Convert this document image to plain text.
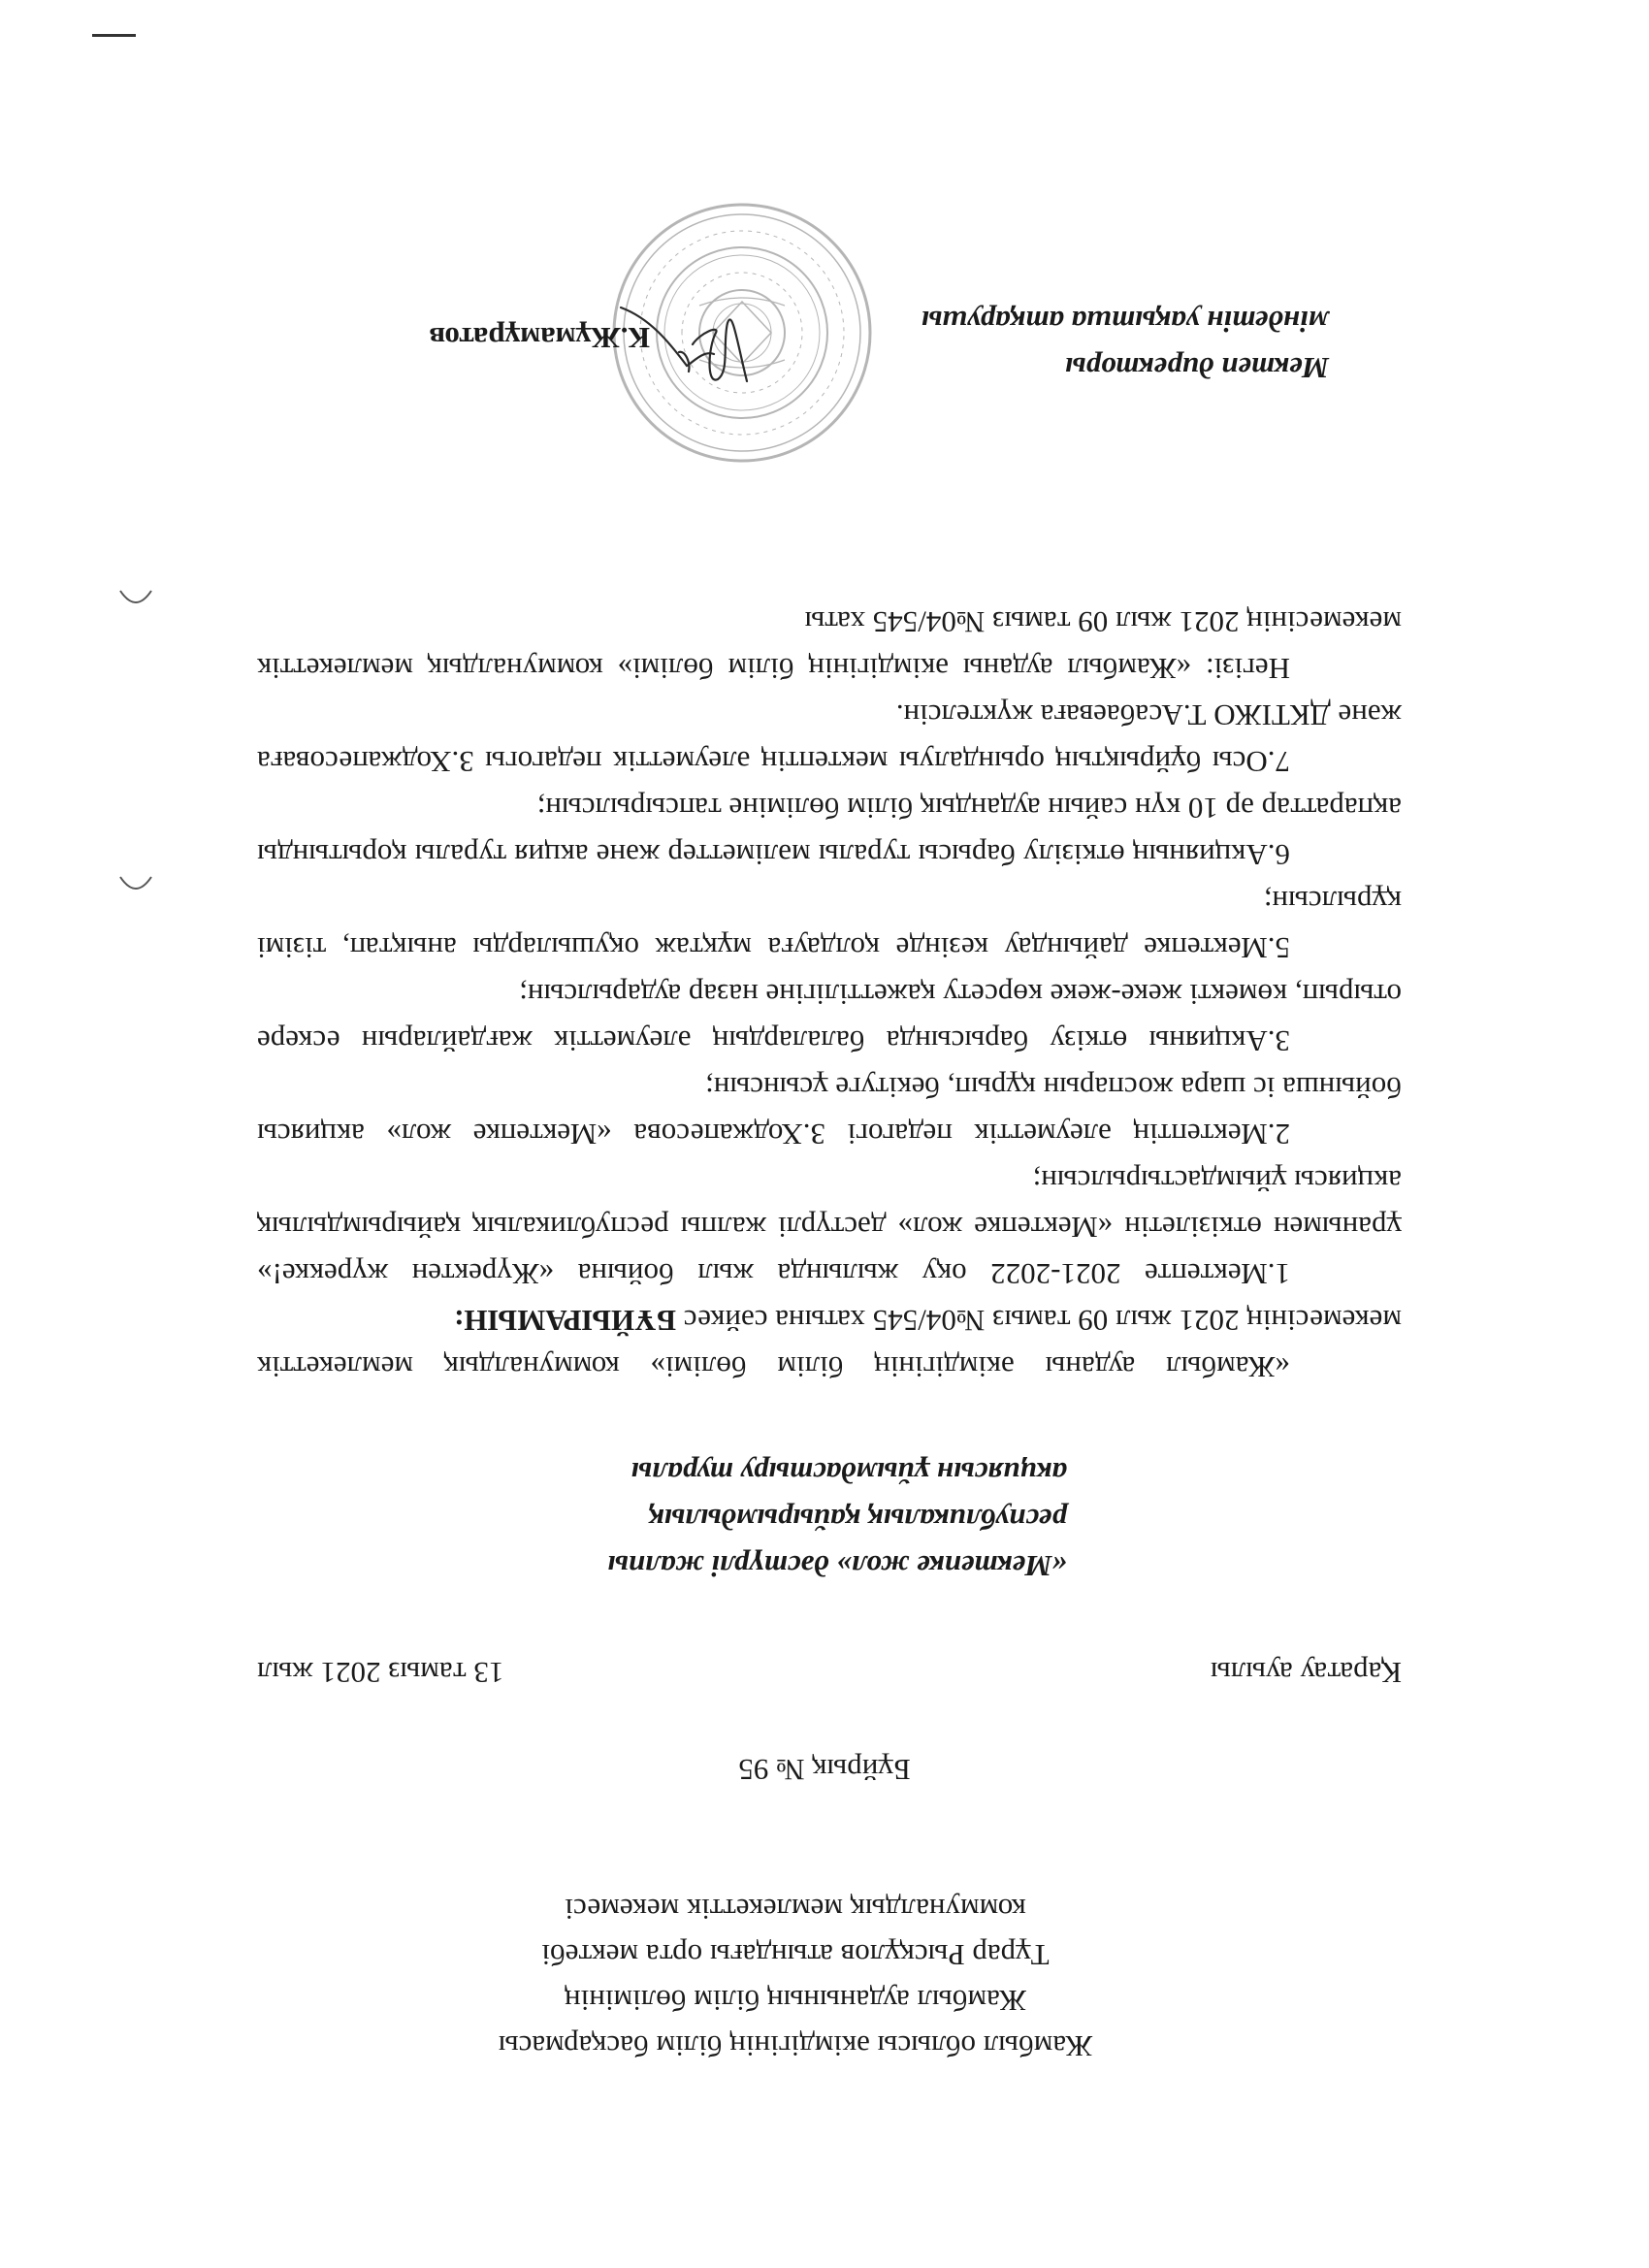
Жамбыл облысы әкімдігінің білім басқармасы
Жамбыл ауданының білім бөлімінің
Тұрар Рысқұлов атындағы орта мектебі
коммуналдық мемлекеттік мекемесі
Бұйрық № 95
Қаратау ауылы
13 тамыз 2021 жыл
«Мектепке жол» дәстүрлі жалпы
республикалық қайырымдылық
акциясын ұйымдастыру туралы

«Жамбыл ауданы әкімдігінің білім бөлімі» коммуналдық мемлекеттік мекемесінің 2021 жыл 09 тамыз №04/545 хатына сәйкес БҰЙЫРАМЫН:

1.Мектепте 2021-2022 оқу жылында жыл бойына «Жүректен жүрекке!» ұранымен өткізілетін «Мектепке жол» дәстүрлі жалпы республикалық қайырымдылық акциясы ұйымдастырылсын;

2.Мектептің әлеуметтік педагогі З.Ходжапесовa «Мектепке жол» акциясы бойынша іс шара жоспарын құрып, бекітуге ұсынсын;

3.Акцияны өткізу барысында балалардың әлеуметтік жағдайларын ескере отырып, көмекті жеке-жеке көрсету қажеттілігіне назар аударылсын;

5.Мектепке дайындау кезінде қолдауға мұқтаж оқушыларды анықтап, тізімі құрылсын;

6.Акцияның өткізілу барысы туралы мәліметтер және акция туралы қорытынды ақпараттар әр 10 күн сайын аудандық білім бөліміне тапсырылсын;

7.Осы бұйрықтың орындалуы мектептің әлеуметтік педагогы З.Ходжапесоваға және ДКТІЖО Т.Асабаеваға жүктелсін.

Негізі: «Жамбыл ауданы әкімдігінің білім бөлімі» коммуналдық мемлекеттік мекемесінің 2021 жыл 09 тамыз №04/545 хаты

Мектеп директоры
міндетін уақытша атқарушы
К.Жұмамұратов
